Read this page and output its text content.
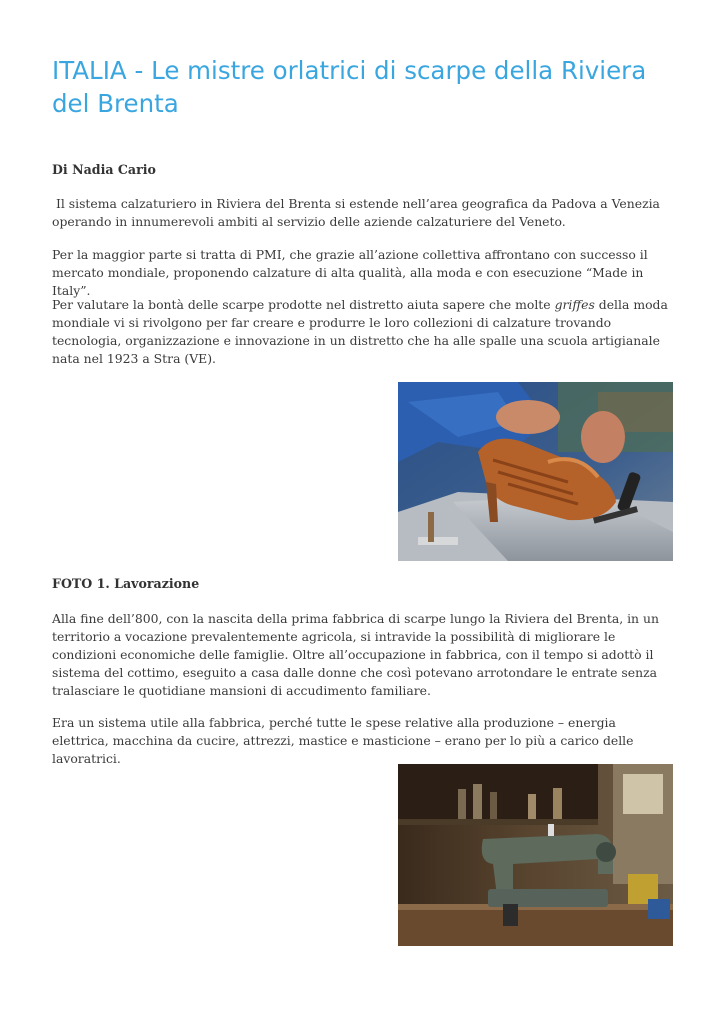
ITALIA - Le mistre orlatrici di scarpe della Riviera del Brenta

Di Nadia Cario

Il sistema calzaturiero in Riviera del Brenta si estende nell’area geografica da Padova a Venezia operando in innumerevoli ambiti al servizio delle aziende calzaturiere del Veneto.

Per la maggior parte si tratta di PMI, che grazie all’azione collettiva affrontano con successo il mercato mondiale, proponendo calzature di alta qualità, alla moda e con esecuzione “Made in Italy”.

Per valutare la bontà delle scarpe prodotte nel distretto aiuta sapere che molte griffes della moda mondiale vi si rivolgono per far creare e produrre le loro collezioni di calzature trovando tecnologia, organizzazione e innovazione in un distretto che ha alle spalle una scuola artigianale nata nel 1923 a Stra (VE).

FOTO 1. Lavorazione

Alla fine dell’800, con la nascita della prima fabbrica di scarpe lungo la Riviera del Brenta, in un territorio a vocazione prevalentemente agricola, si intravide la possibilità di migliorare le condizioni economiche delle famiglie. Oltre all’occupazione in fabbrica, con il tempo si adottò il sistema del cottimo, eseguito a casa dalle donne che così potevano arrotondare le entrate senza tralasciare le quotidiane mansioni di accudimento familiare.

Era un sistema utile alla fabbrica, perché tutte le spese relative alla produzione – energia elettrica, macchina da cucire, attrezzi, mastice e masticione – erano per lo più a carico delle lavoratrici.
